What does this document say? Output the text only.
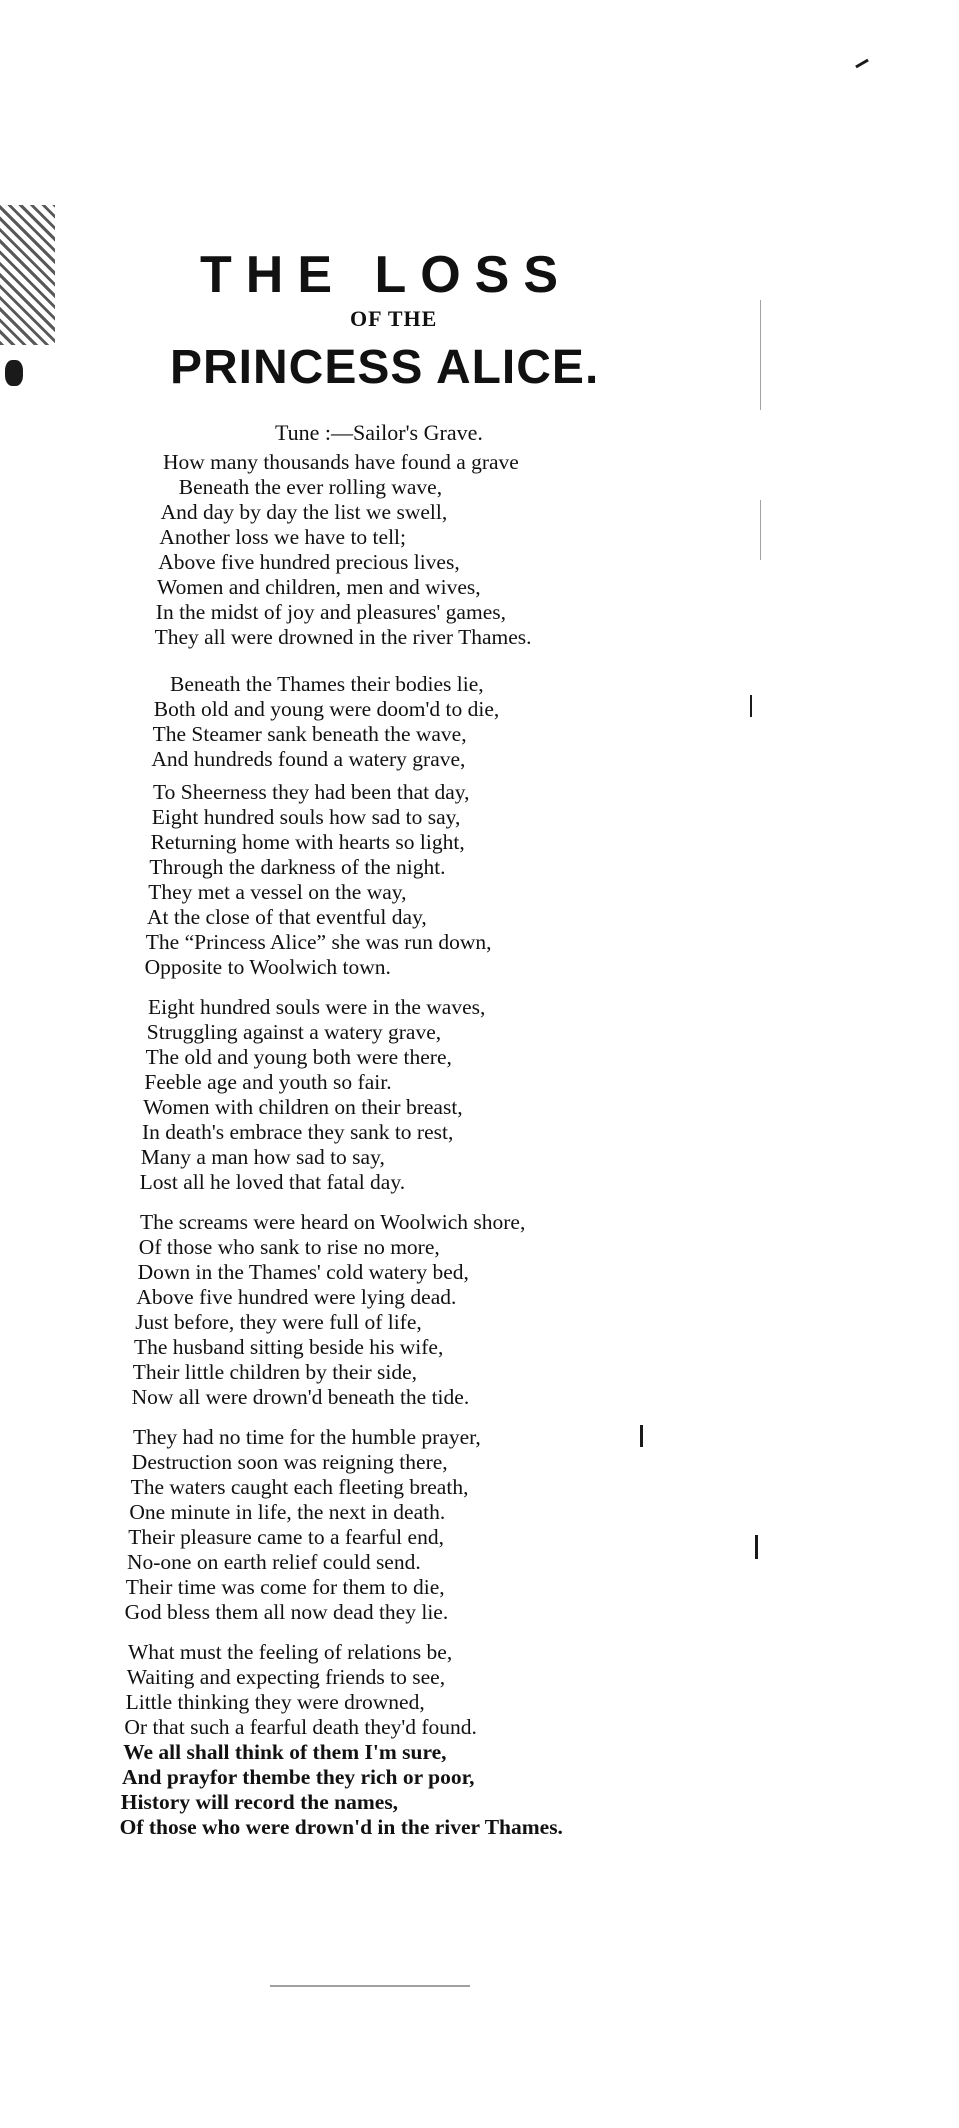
THE LOSS
OF THE
PRINCESS ALICE.
Tune :—Sailor's Grave.
How many thousands have found a grave
Beneath the ever rolling wave,
And day by day the list we swell,
Another loss we have to tell;
Above five hundred precious lives,
Women and children, men and wives,
In the midst of joy and pleasures' games,
They all were drowned in the river Thames.
Beneath the Thames their bodies lie,
Both old and young were doom'd to die,
The Steamer sank beneath the wave,
And hundreds found a watery grave,
To Sheerness they had been that day,
Eight hundred souls how sad to say,
Returning home with hearts so light,
Through the darkness of the night.
They met a vessel on the way,
At the close of that eventful day,
The “Princess Alice” she was run down,
Opposite to Woolwich town.
Eight hundred souls were in the waves,
Struggling against a watery grave,
The old and young both were there,
Feeble age and youth so fair.
Women with children on their breast,
In death's embrace they sank to rest,
Many a man how sad to say,
Lost all he loved that fatal day.
The screams were heard on Woolwich shore,
Of those who sank to rise no more,
Down in the Thames' cold watery bed,
Above five hundred were lying dead.
Just before, they were full of life,
The husband sitting beside his wife,
Their little children by their side,
Now all were drown'd beneath the tide.
They had no time for the humble prayer,
Destruction soon was reigning there,
The waters caught each fleeting breath,
One minute in life, the next in death.
Their pleasure came to a fearful end,
No-one on earth relief could send.
Their time was come for them to die,
God bless them all now dead they lie.
What must the feeling of relations be,
Waiting and expecting friends to see,
Little thinking they were drowned,
Or that such a fearful death they'd found.
We all shall think of them I'm sure,
And prayfor thembe they rich or poor,
History will record the names,
Of those who were drown'd in the river Thames.
